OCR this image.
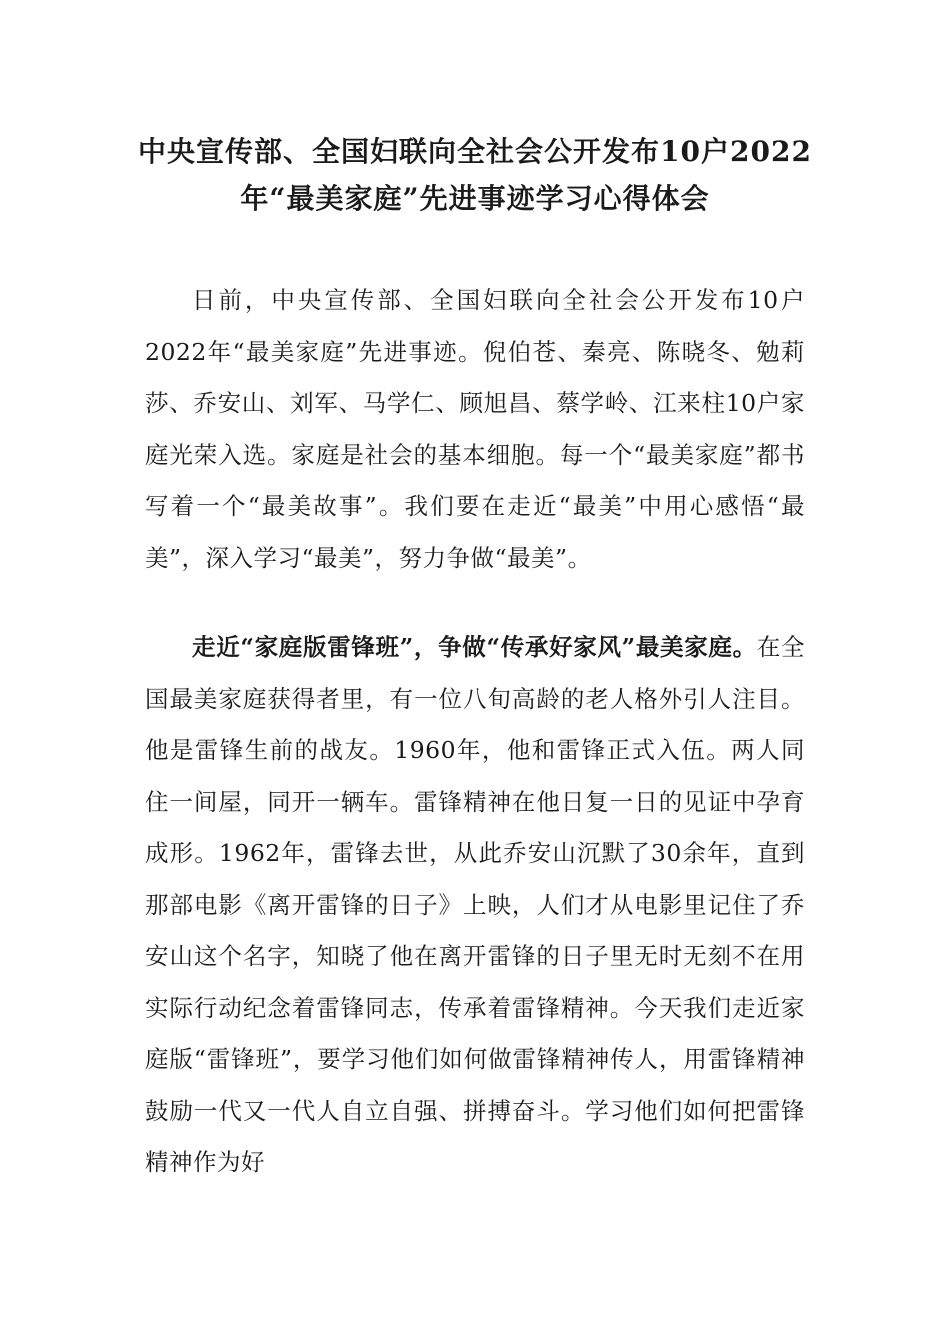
中央宣传部、全国妇联向全社会公开发布10户2022
年“最美家庭”先进事迹学习心得体会

日前，中央宣传部、全国妇联向全社会公开发布10户2022年“最美家庭”先进事迹。倪伯苍、秦亮、陈晓冬、勉莉莎、乔安山、刘军、马学仁、顾旭昌、蔡学岭、江来柱10户家庭光荣入选。家庭是社会的基本细胞。每一个“最美家庭”都书写着一个“最美故事”。我们要在走近“最美”中用心感悟“最美”，深入学习“最美”，努力争做“最美”。

走近“家庭版雷锋班”，争做“传承好家风”最美家庭。在全国最美家庭获得者里，有一位八旬高龄的老人格外引人注目。他是雷锋生前的战友。1960年，他和雷锋正式入伍。两人同住一间屋，同开一辆车。雷锋精神在他日复一日的见证中孕育成形。1962年，雷锋去世，从此乔安山沉默了30余年，直到那部电影《离开雷锋的日子》上映，人们才从电影里记住了乔安山这个名字，知晓了他在离开雷锋的日子里无时无刻不在用实际行动纪念着雷锋同志，传承着雷锋精神。今天我们走近家庭版“雷锋班”，要学习他们如何做雷锋精神传人，用雷锋精神鼓励一代又一代人自立自强、拼搏奋斗。学习他们如何把雷锋精神作为好
